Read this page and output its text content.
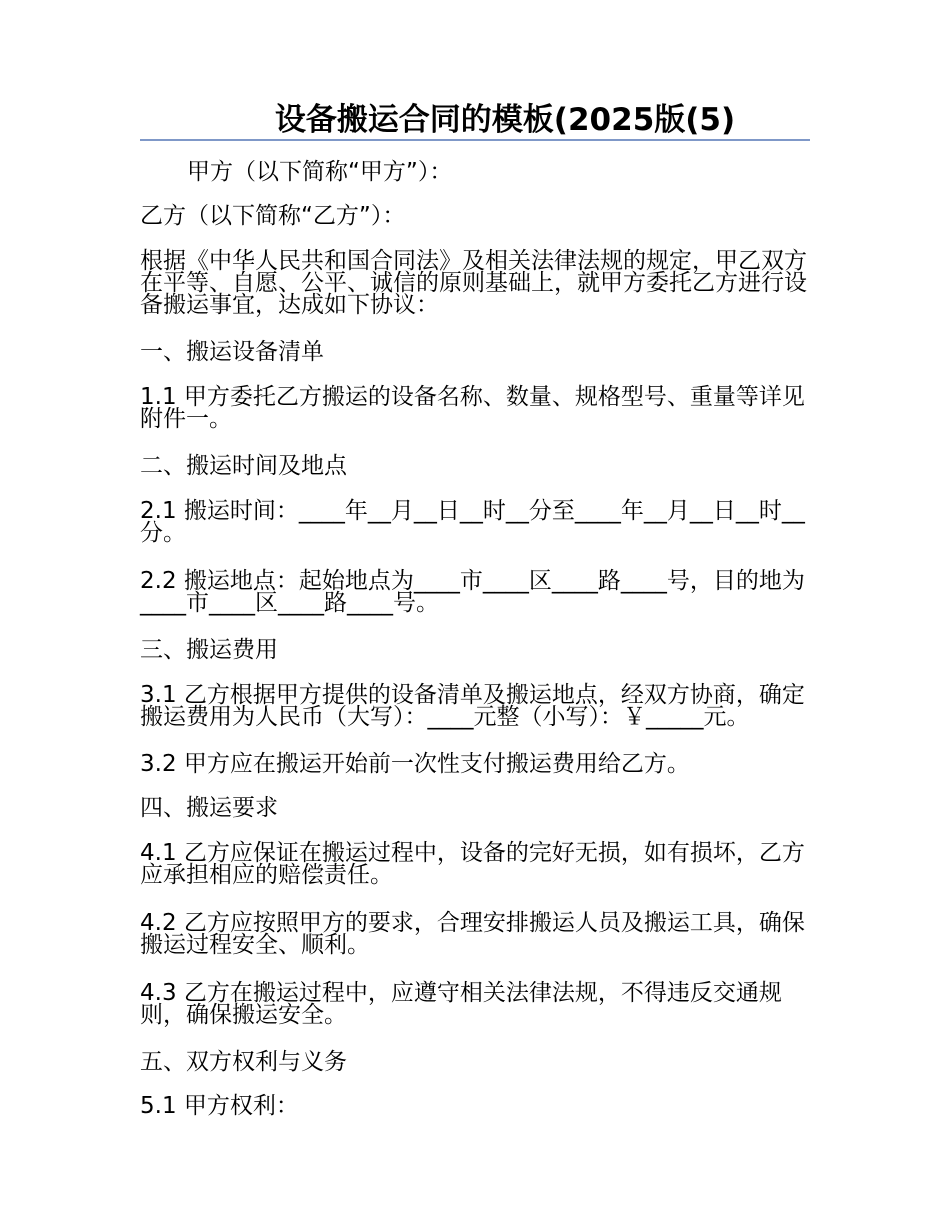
设备搬运合同的模板(2025版(5)

甲方（以下简称“甲方”）：

乙方（以下简称“乙方”）：

根据《中华人民共和国合同法》及相关法律法规的规定，甲乙双方在平等、自愿、公平、诚信的原则基础上，就甲方委托乙方进行设备搬运事宜，达成如下协议：

一、搬运设备清单

1.1 甲方委托乙方搬运的设备名称、数量、规格型号、重量等详见附件一。

二、搬运时间及地点

2.1 搬运时间：____年__月__日__时__分至____年__月__日__时__分。

2.2 搬运地点：起始地点为____市____区____路____号，目的地为____市____区____路____号。

三、搬运费用

3.1 乙方根据甲方提供的设备清单及搬运地点，经双方协商，确定搬运费用为人民币（大写）：____元整（小写）：￥_____元。

3.2 甲方应在搬运开始前一次性支付搬运费用给乙方。

四、搬运要求

4.1 乙方应保证在搬运过程中，设备的完好无损，如有损坏，乙方应承担相应的赔偿责任。

4.2 乙方应按照甲方的要求，合理安排搬运人员及搬运工具，确保搬运过程安全、顺利。

4.3 乙方在搬运过程中，应遵守相关法律法规，不得违反交通规则，确保搬运安全。

五、双方权利与义务

5.1 甲方权利：
